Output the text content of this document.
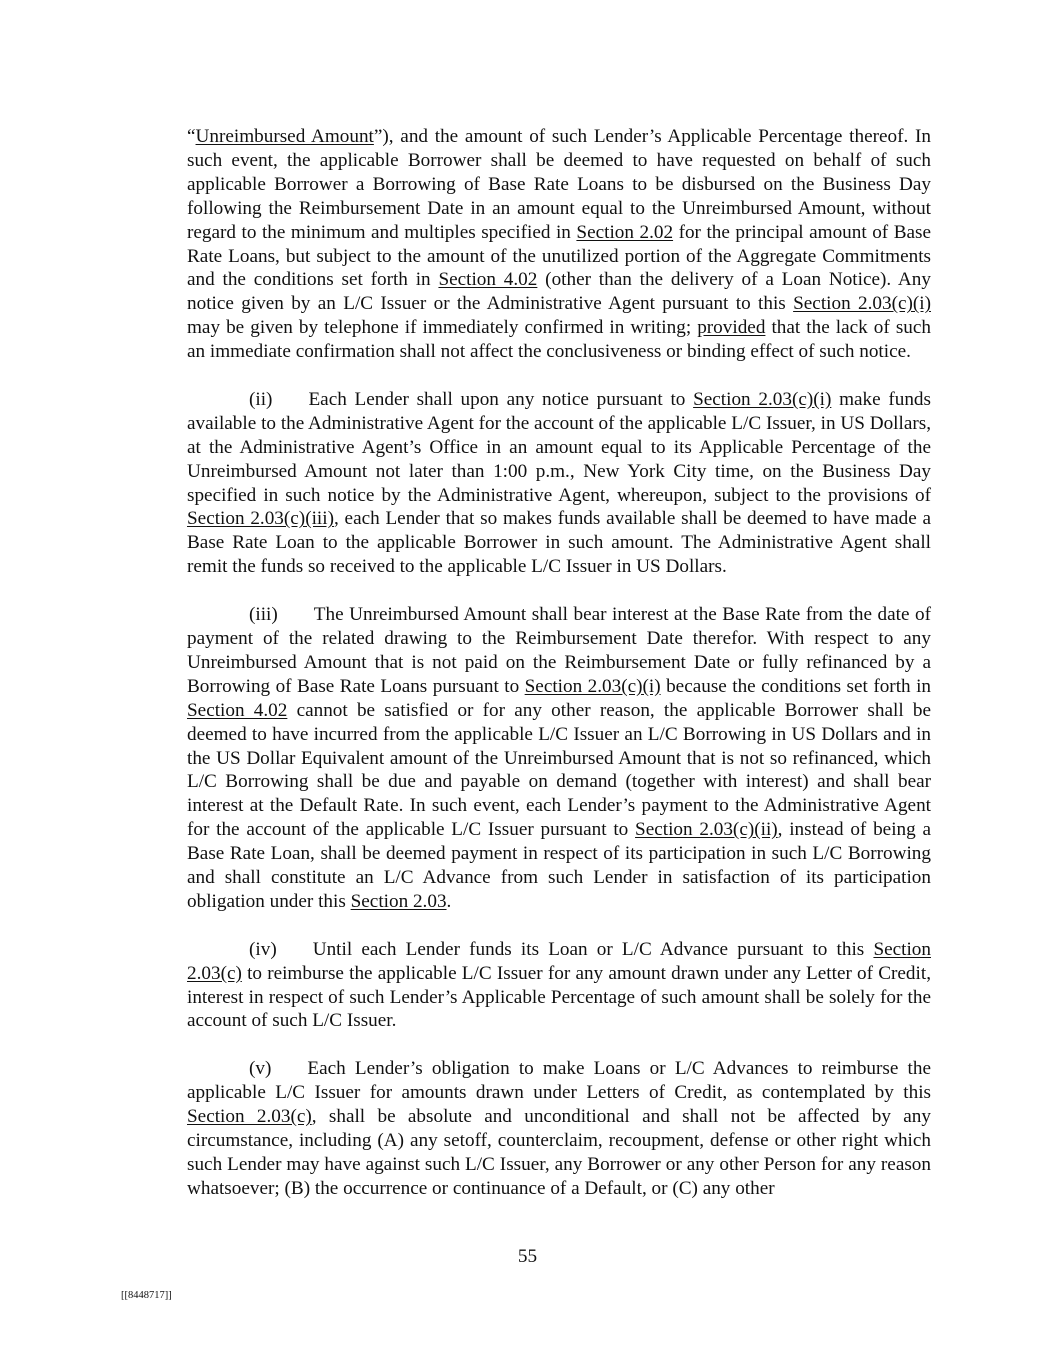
“Unreimbursed Amount”), and the amount of such Lender’s Applicable Percentage thereof. In such event, the applicable Borrower shall be deemed to have requested on behalf of such applicable Borrower a Borrowing of Base Rate Loans to be disbursed on the Business Day following the Reimbursement Date in an amount equal to the Unreimbursed Amount, without regard to the minimum and multiples specified in Section 2.02 for the principal amount of Base Rate Loans, but subject to the amount of the unutilized portion of the Aggregate Commitments and the conditions set forth in Section 4.02 (other than the delivery of a Loan Notice). Any notice given by an L/C Issuer or the Administrative Agent pursuant to this Section 2.03(c)(i) may be given by telephone if immediately confirmed in writing; provided that the lack of such an immediate confirmation shall not affect the conclusiveness or binding effect of such notice.

(ii) Each Lender shall upon any notice pursuant to Section 2.03(c)(i) make funds available to the Administrative Agent for the account of the applicable L/C Issuer, in US Dollars, at the Administrative Agent’s Office in an amount equal to its Applicable Percentage of the Unreimbursed Amount not later than 1:00 p.m., New York City time, on the Business Day specified in such notice by the Administrative Agent, whereupon, subject to the provisions of Section 2.03(c)(iii), each Lender that so makes funds available shall be deemed to have made a Base Rate Loan to the applicable Borrower in such amount. The Administrative Agent shall remit the funds so received to the applicable L/C Issuer in US Dollars.

(iii) The Unreimbursed Amount shall bear interest at the Base Rate from the date of payment of the related drawing to the Reimbursement Date therefor. With respect to any Unreimbursed Amount that is not paid on the Reimbursement Date or fully refinanced by a Borrowing of Base Rate Loans pursuant to Section 2.03(c)(i) because the conditions set forth in Section 4.02 cannot be satisfied or for any other reason, the applicable Borrower shall be deemed to have incurred from the applicable L/C Issuer an L/C Borrowing in US Dollars and in the US Dollar Equivalent amount of the Unreimbursed Amount that is not so refinanced, which L/C Borrowing shall be due and payable on demand (together with interest) and shall bear interest at the Default Rate. In such event, each Lender’s payment to the Administrative Agent for the account of the applicable L/C Issuer pursuant to Section 2.03(c)(ii), instead of being a Base Rate Loan, shall be deemed payment in respect of its participation in such L/C Borrowing and shall constitute an L/C Advance from such Lender in satisfaction of its participation obligation under this Section 2.03.

(iv) Until each Lender funds its Loan or L/C Advance pursuant to this Section 2.03(c) to reimburse the applicable L/C Issuer for any amount drawn under any Letter of Credit, interest in respect of such Lender’s Applicable Percentage of such amount shall be solely for the account of such L/C Issuer.

(v) Each Lender’s obligation to make Loans or L/C Advances to reimburse the applicable L/C Issuer for amounts drawn under Letters of Credit, as contemplated by this Section 2.03(c), shall be absolute and unconditional and shall not be affected by any circumstance, including (A) any setoff, counterclaim, recoupment, defense or other right which such Lender may have against such L/C Issuer, any Borrower or any other Person for any reason whatsoever; (B) the occurrence or continuance of a Default, or (C) any other

55
[[8448717]]
